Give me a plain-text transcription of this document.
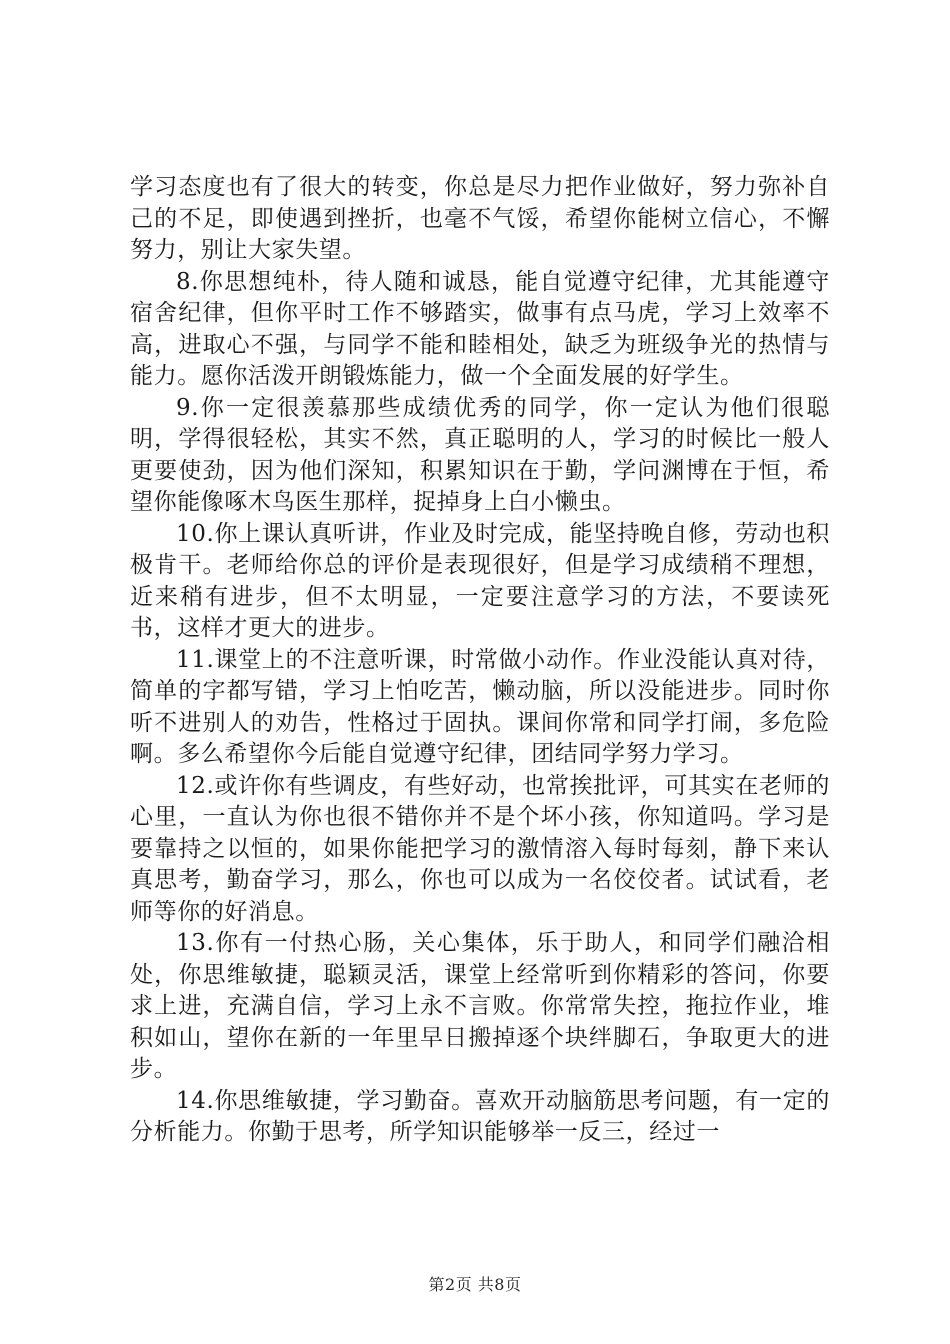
学习态度也有了很大的转变，你总是尽力把作业做好，努力弥补自己的不足，即使遇到挫折，也毫不气馁，希望你能树立信心，不懈努力，别让大家失望。

8.你思想纯朴，待人随和诚恳，能自觉遵守纪律，尤其能遵守宿舍纪律，但你平时工作不够踏实，做事有点马虎，学习上效率不高，进取心不强，与同学不能和睦相处，缺乏为班级争光的热情与能力。愿你活泼开朗锻炼能力，做一个全面发展的好学生。

9.你一定很羡慕那些成绩优秀的同学，你一定认为他们很聪明，学得很轻松，其实不然，真正聪明的人，学习的时候比一般人更要使劲，因为他们深知，积累知识在于勤，学问渊博在于恒，希望你能像啄木鸟医生那样，捉掉身上白小懒虫。

10.你上课认真听讲，作业及时完成，能坚持晚自修，劳动也积极肯干。老师给你总的评价是表现很好，但是学习成绩稍不理想，近来稍有进步，但不太明显，一定要注意学习的方法，不要读死书，这样才更大的进步。

11.课堂上的不注意听课，时常做小动作。作业没能认真对待，简单的字都写错，学习上怕吃苦，懒动脑，所以没能进步。同时你听不进别人的劝告，性格过于固执。课间你常和同学打闹，多危险啊。多么希望你今后能自觉遵守纪律，团结同学努力学习。

12.或许你有些调皮，有些好动，也常挨批评，可其实在老师的心里，一直认为你也很不错你并不是个坏小孩，你知道吗。学习是要靠持之以恒的，如果你能把学习的激情溶入每时每刻，静下来认真思考，勤奋学习，那么，你也可以成为一名佼佼者。试试看，老师等你的好消息。

13.你有一付热心肠，关心集体，乐于助人，和同学们融洽相处，你思维敏捷，聪颖灵活，课堂上经常听到你精彩的答问，你要求上进，充满自信，学习上永不言败。你常常失控，拖拉作业，堆积如山，望你在新的一年里早日搬掉逐个块绊脚石，争取更大的进步。

14.你思维敏捷，学习勤奋。喜欢开动脑筋思考问题，有一定的分析能力。你勤于思考，所学知识能够举一反三，经过一

第2页 共8页
